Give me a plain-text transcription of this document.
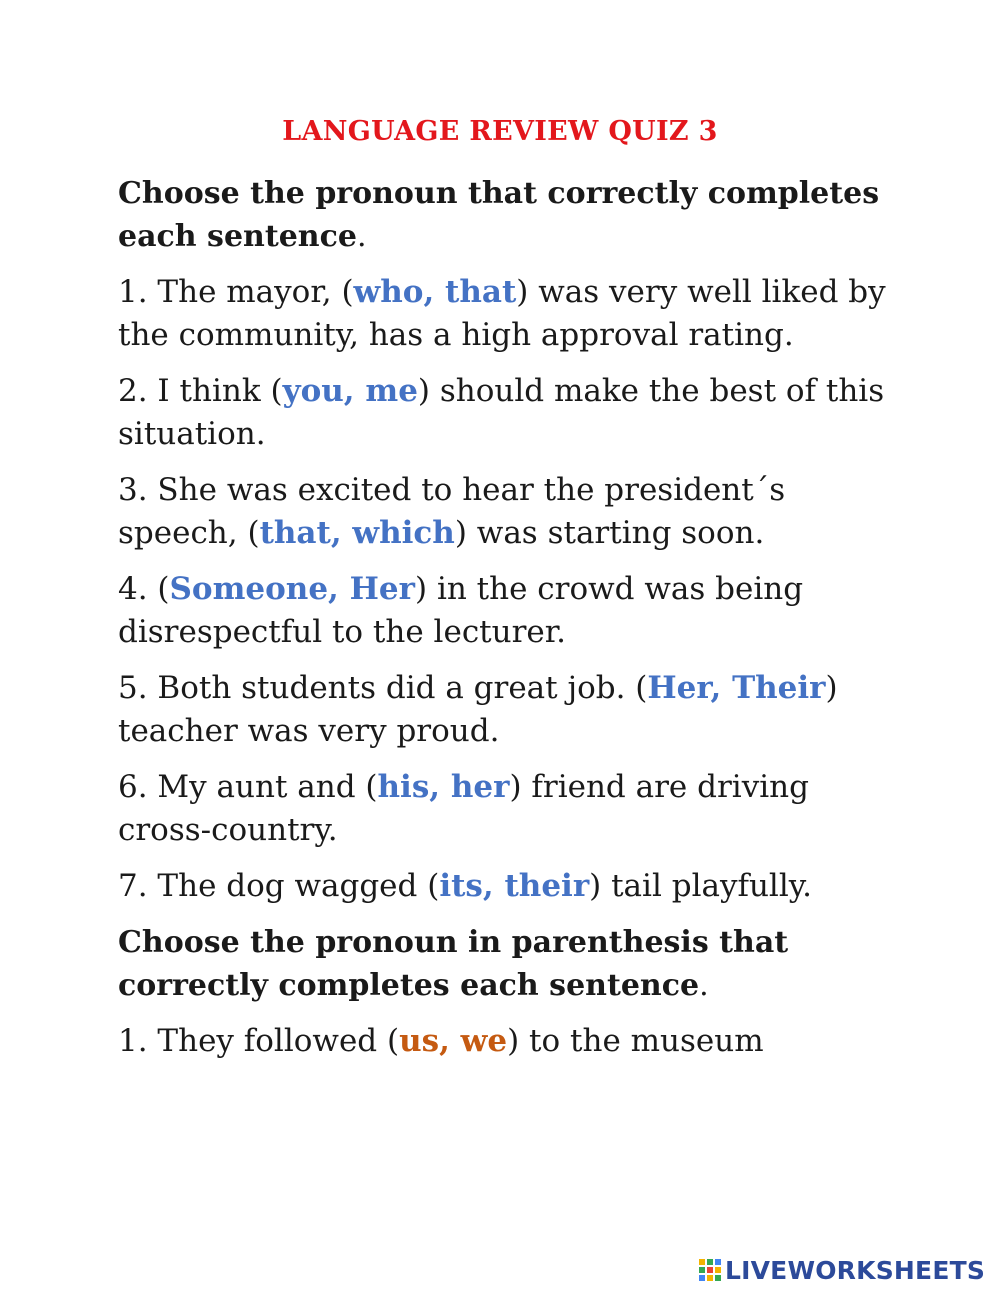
LANGUAGE REVIEW QUIZ 3
Choose the pronoun that correctly completes each sentence.
1. The mayor, (who, that) was very well liked by the community, has a high approval rating.
2. I think (you, me) should make the best of this situation.
3. She was excited to hear the president´s speech, (that, which) was starting soon.
4. (Someone, Her) in the crowd was being disrespectful to the lecturer.
5. Both students did a great job. (Her, Their) teacher was very proud.
6. My aunt and (his, her) friend are driving cross-country.
7. The dog wagged (its, their) tail playfully.
Choose the pronoun in parenthesis that correctly completes each sentence.
1. They followed (us, we) to the museum
LIVEWORKSHEETS
